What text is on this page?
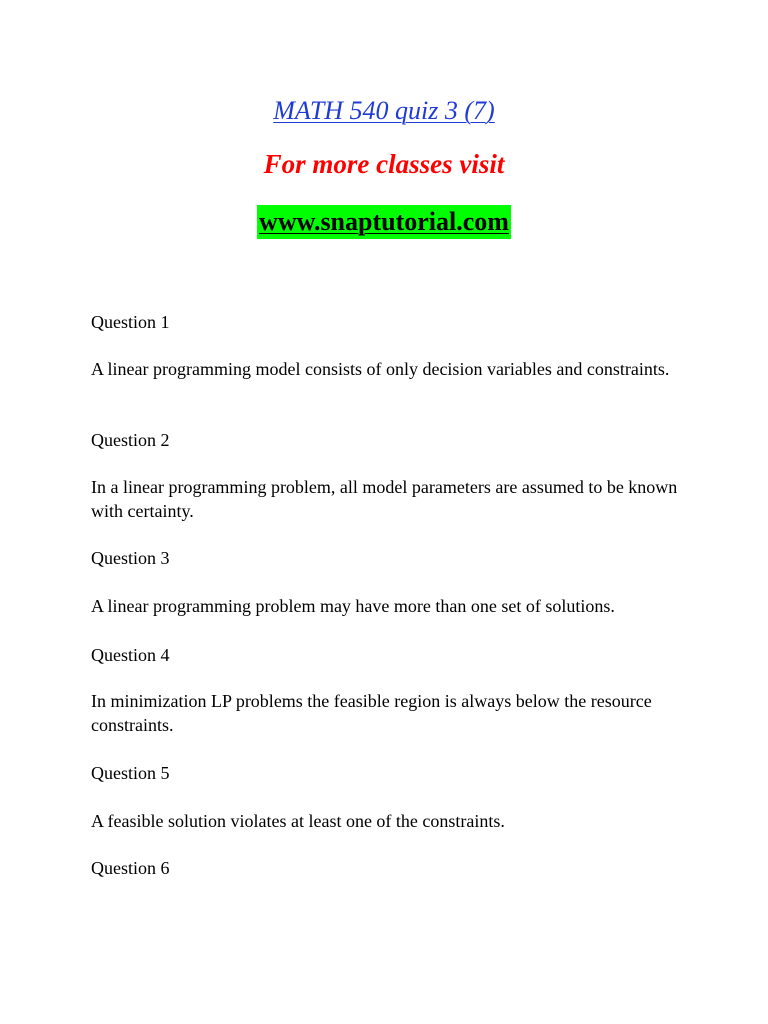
MATH 540 quiz 3 (7)
For more classes visit
www.snaptutorial.com
Question 1
A linear programming model consists of only decision variables and constraints.
Question 2
In a linear programming problem, all model parameters are assumed to be known with certainty.
Question 3
A linear programming problem may have more than one set of solutions.
Question 4
In minimization LP problems the feasible region is always below the resource constraints.
Question 5
A feasible solution violates at least one of the constraints.
Question 6
